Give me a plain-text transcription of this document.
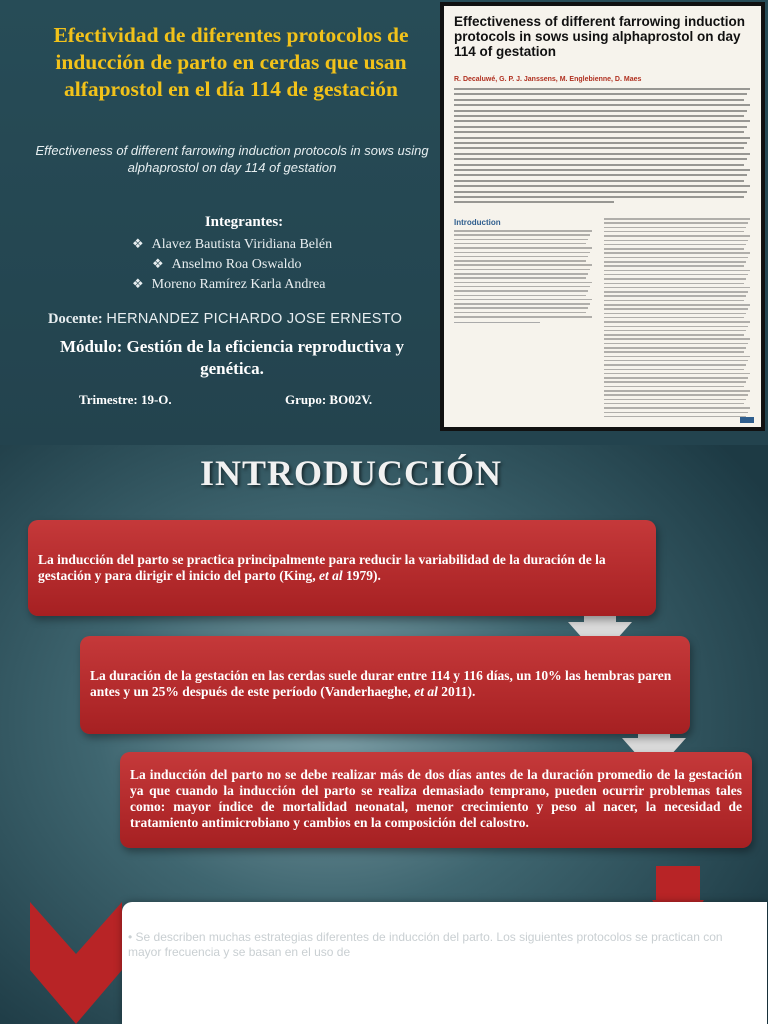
Efectividad de diferentes protocolos de inducción de parto en cerdas que usan alfaprostol en el día 114 de gestación
Effectiveness of different farrowing induction protocols in sows using alphaprostol on day 114 of gestation
Integrantes:
❖ Alavez Bautista Viridiana Belén
❖ Anselmo Roa Oswaldo
❖ Moreno Ramírez Karla Andrea
Docente: HERNANDEZ PICHARDO JOSE ERNESTO
Módulo: Gestión de la eficiencia reproductiva y genética.
Trimestre: 19-O.	Grupo: BO02V.
Effectiveness of different farrowing induction protocols in sows using alphaprostol on day 114 of gestation
R. Decaluwé, G. P. J. Janssens, M. Englebienne, D. Maes
Introduction

INTRODUCCIÓN
La inducción del parto se practica principalmente para reducir la variabilidad de la duración de la gestación y para dirigir el inicio del parto (King, et al 1979).
La duración de la gestación en las cerdas suele durar entre 114 y 116 días, un 10% las hembras paren antes y un 25% después de este período (Vanderhaeghe, et al 2011).
La inducción del parto no se debe realizar más de dos días antes de la duración promedio de la gestación ya que cuando la inducción del parto se realiza demasiado temprano, pueden ocurrir problemas tales como: mayor índice de mortalidad neonatal, menor crecimiento y peso al nacer, la necesidad de tratamiento antimicrobiano y cambios en la composición del calostro.
• Se describen muchas estrategias diferentes de inducción del parto. Los siguientes protocolos se practican con mayor frecuencia y se basan en el uso de
